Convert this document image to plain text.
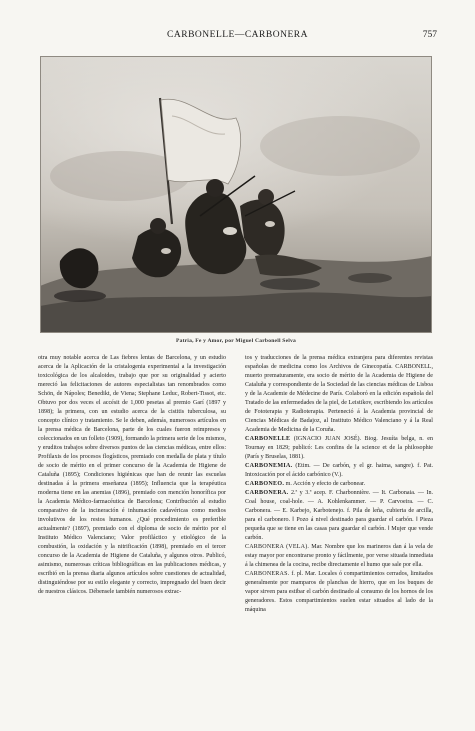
CARBONELLE—CARBONERA	757
Patria, Fe y Amor, por Miguel Carbonell Selva

otra muy notable acerca de Las fiebres lentas de Barcelona, y un estudio acerca de la Aplicación de la cristalogenia experimental a la investigación toxicológica de los alcaloides, trabajo que por su originalidad y acierto mereció las felicitaciones de autores especialistas tan renombrados como Schön, de Nápoles; Benedikt, de Viena; Stephane Leduc, Robert-Tissot, etc. Obtuvo por dos veces el accésit de 1,000 pesetas al premio Garí (1897 y 1898); la primera, con un estudio acerca de la cistitis tuberculosa, su concepto clínico y tratamiento. Se le deben, además, numerosos artículos en la prensa médica de Barcelona, parte de los cuales fueron reimpresos y coleccionados en un folleto (1909), formando la primera serie de los mismos, y eruditos trabajos sobre diversos puntos de las ciencias médicas, entre ellos: Profilaxis de los procesos flogísticos, premiado con medalla de plata y título de socio de mérito en el primer concurso de la Academia de Higiene de Cataluña (1895); Condiciones higiénicas que han de reunir las escuelas destinadas á la primera enseñanza (1895); Influencia que la terapéutica moderna tiene en las anemias (1896), premiado con mención honorífica por la Academia Médico-farmacéutica de Barcelona; Contribución al estudio comparativo de la incineración é inhumación cadavéricas como medios involutivos de los restos humanos. ¿Qué procedimiento es preferible actualmente? (1897), premiado con el diploma de socio de mérito por el Instituto Médico Valenciano; Valor profiláctico y etiológico de la combustión, la oxidación y la nitrificación (1898), premiado en el tercer concurso de la Academia de Higiene de Cataluña, y algunos otros. Publicó, asimismo, numerosas críticas bibliográficas en las publicaciones médicas, y escribió en la prensa diaria algunos artículos sobre cuestiones de actualidad, distinguiéndose por su estilo elegante y correcto, impregnado del buen decir de nuestros clásicos. Débensele también numerosos extrac-

tos y traducciones de la prensa médica extranjera para diferentes revistas españolas de medicina como los Archivos de Ginecopatía. CARBONELL, muerto prematuramente, era socio de mérito de la Academia de Higiene de Cataluña y correspondiente de la Sociedad de las ciencias médicas de Lisboa y de la Academie de Médecine de París. Colaboró en la edición española del Tratado de las enfermedades de la piel, de Leistikov, escribiendo los artículos de Fototerapia y Radioterapia. Perteneció á la Academia provincial de Ciencias Médicas de Badajoz, al Instituto Médico Valenciano y á la Real Academia de Medicina de la Coruña.

CARBONELLE (IGNACIO JUAN JOSÉ). Biog. Jesuíta belga, n. en Tournay en 1829; publicó: Les confins de la science et de la philosophie (París y Bruselas, 1881).

CARBONEMIA. (Etim. — De carbón, y el gr. haima, sangre). f. Pat. Intoxicación por el ácido carbónico (V.).

CARBONEO. m. Acción y efecto de carbonear.

CARBONERA. 2.ª y 3.ª acep. F. Charbonnière. — It. Carbonaia. — In. Coal house, coal-hole. — A. Kohlenkammer. — P. Carvoeira. — C. Carbonera. — E. Karbejo, Karbotenejo. f. Pila de leña, cubierta de arcilla, para el carbonero. ‖ Pozo á nivel destinado para guardar el carbón. ‖ Pieza pequeña que se tiene en las casas para guardar el carbón. ‖ Mujer que vende carbón.

CARBONERA (VELA). Mar. Nombre que los marineros dan á la vela de estay mayor por encontrarse pronto y fácilmente, por verse situada inmediata á la chimenea de la cocina, recibe directamente el humo que sale por ella.

CARBONERAS. f. pl. Mar. Locales ó compartimientos cerrados, limitados generalmente por mamparos de planchas de hierro, que en los buques de vapor sirven para estibar el carbón destinado al consumo de los hornos de los generadores. Estos compartimientos suelen estar situados al lado de la máquina
